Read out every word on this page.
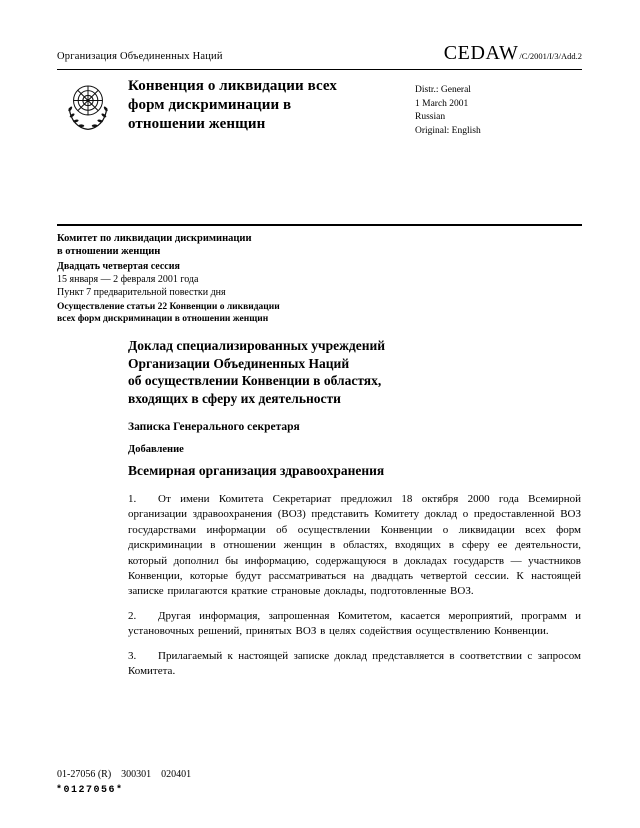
Организация Объединенных Наций	CEDAW /C/2001/I/3/Add.2
Конвенция о ликвидации всех
форм дискриминации в
отношении женщин
Distr.: General
1 March 2001
Russian
Original: English
Комитет по ликвидации дискриминации
в отношении женщин
Двадцать четвертая сессия
15 января — 2 февраля 2001 года
Пункт 7 предварительной повестки дня
Осуществление статьи 22 Конвенции о ликвидации
всех форм дискриминации в отношении женщин
Доклад специализированных учреждений
Организации Объединенных Наций
об осуществлении Конвенции в областях,
входящих в сферу их деятельности
Записка Генерального секретаря
Добавление
Всемирная организация здравоохранения
1. От имени Комитета Секретариат предложил 18 октября 2000 года Всемирной организации здравоохранения (ВОЗ) представить Комитету доклад о предоставленной ВОЗ государствами информации об осуществлении Конвенции о ликвидации всех форм дискриминации в отношении женщин в областях, входящих в сферу ее деятельности, который дополнил бы информацию, содержащуюся в докладах государств — участников Конвенции, которые будут рассматриваться на двадцать четвертой сессии. К настоящей записке прилагаются краткие страновые доклады, подготовленные ВОЗ.
2. Другая информация, запрошенная Комитетом, касается мероприятий, программ и установочных решений, принятых ВОЗ в целях содействия осуществлению Конвенции.
3. Прилагаемый к настоящей записке доклад представляется в соответствии с запросом Комитета.
01-27056 (R)    300301    020401
*0127056*
